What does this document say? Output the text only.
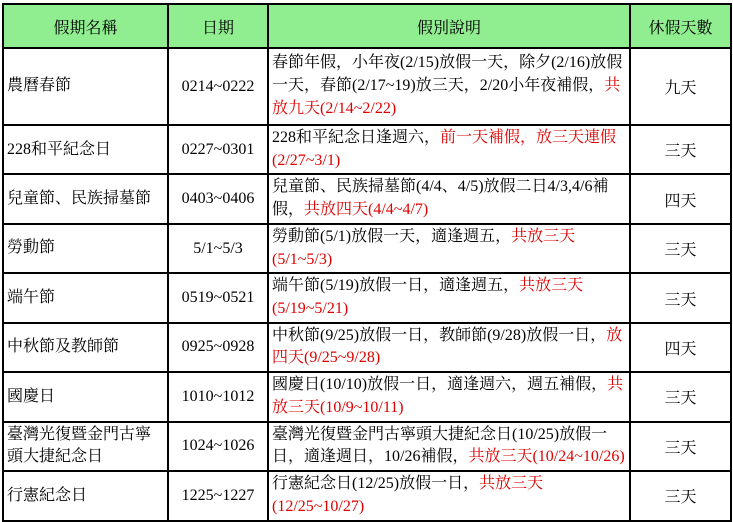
假期名稱	日期	假別說明	休假天數
農曆春節	0214~0222	春節年假，小年夜(2/15)放假一天，除夕(2/16)放假一天，春節(2/17~19)放三天，2/20小年夜補假，共放九天(2/14~2/22)	九天
228和平紀念日	0227~0301	228和平紀念日逢週六，前一天補假，放三天連假(2/27~3/1)	三天
兒童節、民族掃墓節	0403~0406	兒童節、民族掃墓節(4/4、4/5)放假二日4/3,4/6補假，共放四天(4/4~4/7)	四天
勞動節	5/1~5/3	勞動節(5/1)放假一天，適逢週五，共放三天(5/1~5/3)	三天
端午節	0519~0521	端午節(5/19)放假一日，適逢週五，共放三天(5/19~5/21)	三天
中秋節及教師節	0925~0928	中秋節(9/25)放假一日，教師節(9/28)放假一日，放四天(9/25~9/28)	四天
國慶日	1010~1012	國慶日(10/10)放假一日，適逢週六，週五補假，共放三天(10/9~10/11)	三天
臺灣光復暨金門古寧頭大捷紀念日	1024~1026	臺灣光復暨金門古寧頭大捷紀念日(10/25)放假一日，適逢週日，10/26補假，共放三天(10/24~10/26)	三天
行憲紀念日	1225~1227	行憲紀念日(12/25)放假一日，共放三天(12/25~10/27)	三天
